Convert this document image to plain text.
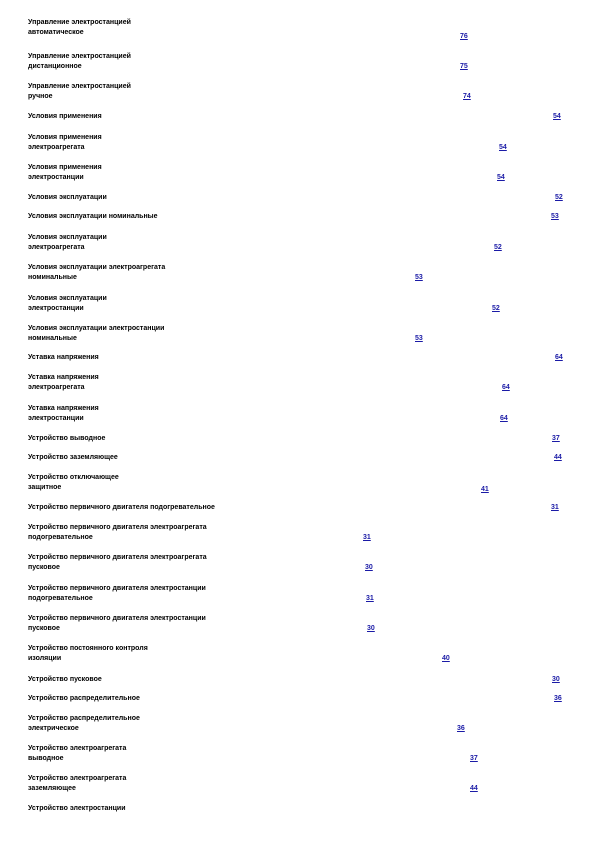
Управление электростанцией
автоматическое
76
Управление электростанцией
дистанционное	75
Управление электростанцией
ручное	74
Условия применения	54
Условия применения
электроагрегата	54
Условия применения
электростанции	54
Условия эксплуатации	52
Условия эксплуатации номинальные	53
Условия эксплуатации
электроагрегата	52
Условия эксплуатации электроагрегата
номинальные	53
Условия эксплуатации
электростанции	52
Условия эксплуатации электростанции
номинальные	53
Уставка напряжения	64
Уставка напряжения
электроагрегата	64
Уставка напряжения
электростанции	64
Устройство выводное	37
Устройство заземляющее	44
Устройство отключающее
защитное	41
Устройство первичного двигателя подогревательное	31
Устройство первичного двигателя электроагрегата
подогревательное	31
Устройство первичного двигателя электроагрегата
пусковое	30
Устройство первичного двигателя электростанции
подогревательное	31
Устройство первичного двигателя электростанции
пусковое	30
Устройство постоянного контроля
изоляции	40
Устройство пусковое	30
Устройство распределительное	36
Устройство распределительное
электрическое	36
Устройство электроагрегата
выводное	37
Устройство электроагрегата
заземляющее	44
Устройство электростанции
